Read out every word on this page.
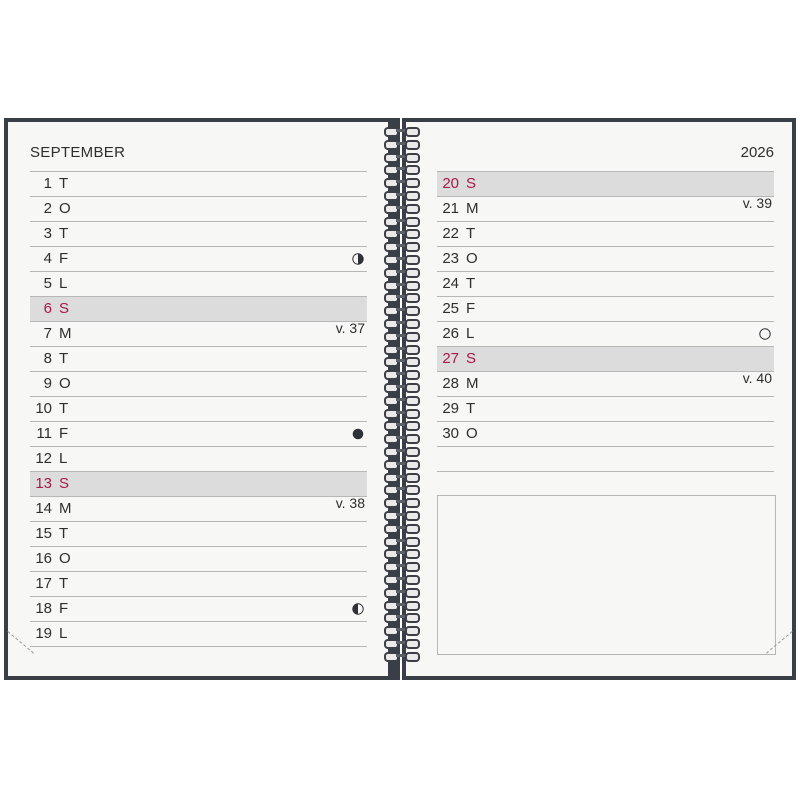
SEPTEMBER
1 T
2 O
3 T
4 F
5 L
6 S
7 M	v. 37
8 T
9 O
10 T
11 F
12 L
13 S
14 M	v. 38
15 T
16 O
17 T
18 F
19 L
2026
20 S
21 M	v. 39
22 T
23 O
24 T
25 F
26 L
27 S
28 M	v. 40
29 T
30 O
